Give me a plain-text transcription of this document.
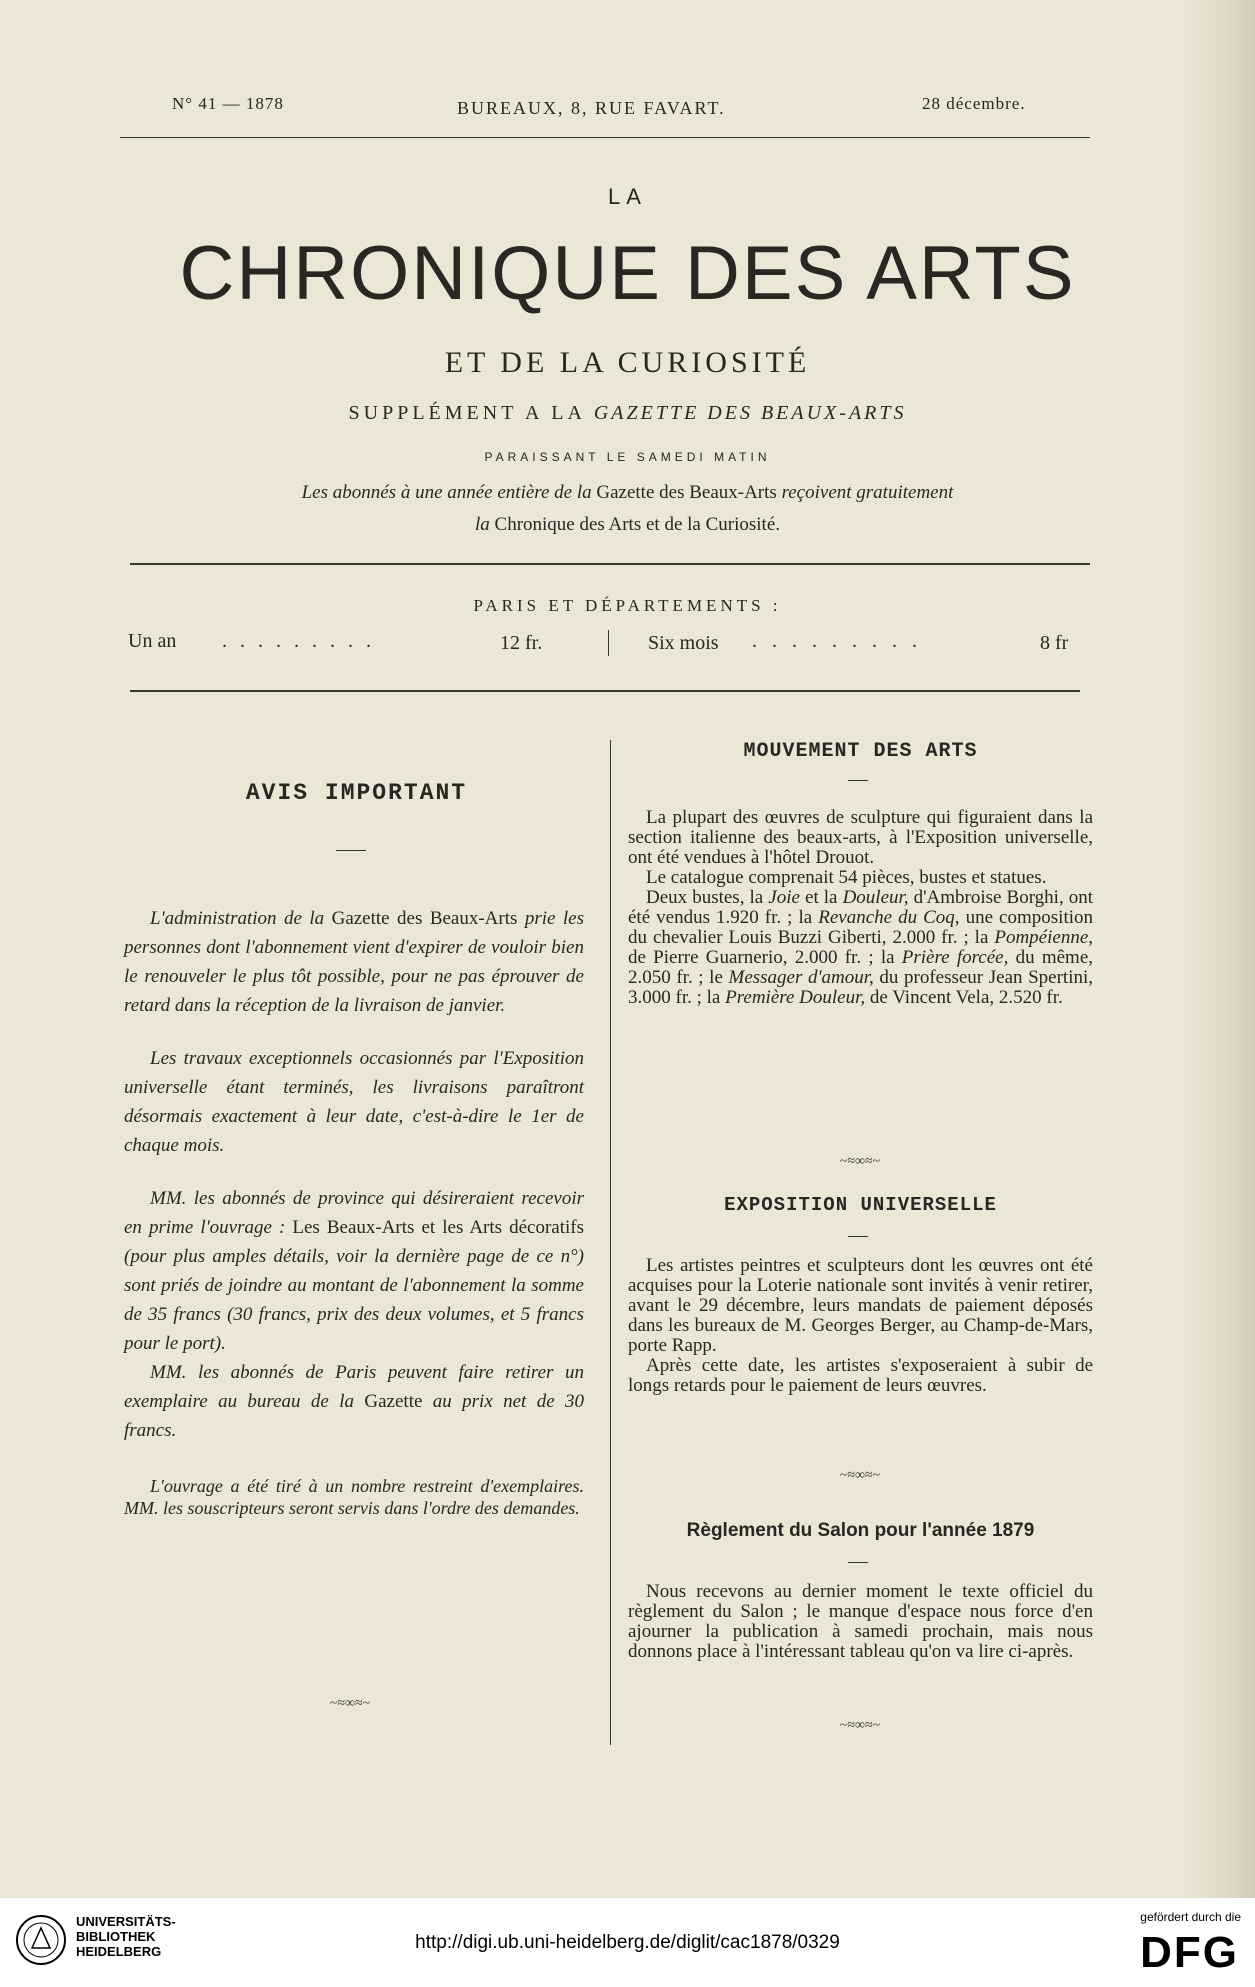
N° 41 — 1878	BUREAUX, 8, RUE FAVART.	28 décembre.
LA
CHRONIQUE DES ARTS
ET DE LA CURIOSITÉ
SUPPLÉMENT A LA GAZETTE DES BEAUX-ARTS
PARAISSANT LE SAMEDI MATIN
Les abonnés à une année entière de la Gazette des Beaux-Arts reçoivent gratuitement
la Chronique des Arts et de la Curiosité.
PARIS ET DÉPARTEMENTS :
Un an . . . . . . . . .	12 fr.	Six mois . . . . . . . . .	8 fr
AVIS IMPORTANT

L'administration de la Gazette des Beaux-Arts prie les personnes dont l'abonnement vient d'expirer de vouloir bien le renouveler le plus tôt possible, pour ne pas éprouver de retard dans la réception de la livraison de janvier.

Les travaux exceptionnels occasionnés par l'Exposition universelle étant terminés, les livraisons paraîtront désormais exactement à leur date, c'est-à-dire le 1er de chaque mois.

MM. les abonnés de province qui désireraient recevoir en prime l'ouvrage : Les Beaux-Arts et les Arts décoratifs (pour plus amples détails, voir la dernière page de ce n°) sont priés de joindre au montant de l'abonnement la somme de 35 francs (30 francs, prix des deux volumes, et 5 francs pour le port).

MM. les abonnés de Paris peuvent faire retirer un exemplaire au bureau de la Gazette au prix net de 30 francs.

L'ouvrage a été tiré à un nombre restreint d'exemplaires. MM. les souscripteurs seront servis dans l'ordre des demandes.

~≈∞≈~
MOUVEMENT DES ARTS

La plupart des œuvres de sculpture qui figuraient dans la section italienne des beaux-arts, à l'Exposition universelle, ont été vendues à l'hôtel Drouot.

Le catalogue comprenait 54 pièces, bustes et statues.

Deux bustes, la Joie et la Douleur, d'Ambroise Borghi, ont été vendus 1.920 fr. ; la Revanche du Coq, une composition du chevalier Louis Buzzi Giberti, 2.000 fr. ; la Pompéienne, de Pierre Guarnerio, 2.000 fr. ; la Prière forcée, du même, 2.050 fr. ; le Messager d'amour, du professeur Jean Spertini, 3.000 fr. ; la Première Douleur, de Vincent Vela, 2.520 fr.

~≈∞≈~
EXPOSITION UNIVERSELLE

Les artistes peintres et sculpteurs dont les œuvres ont été acquises pour la Loterie nationale sont invités à venir retirer, avant le 29 décembre, leurs mandats de paiement déposés dans les bureaux de M. Georges Berger, au Champ-de-Mars, porte Rapp.

Après cette date, les artistes s'exposeraient à subir de longs retards pour le paiement de leurs œuvres.

~≈∞≈~
Règlement du Salon pour l'année 1879

Nous recevons au dernier moment le texte officiel du règlement du Salon ; le manque d'espace nous force d'en ajourner la publication à samedi prochain, mais nous donnons place à l'intéressant tableau qu'on va lire ci-après.

~≈∞≈~
UNIVERSITÄTS-
BIBLIOTHEK
HEIDELBERG	http://digi.ub.uni-heidelberg.de/diglit/cac1878/0329
gefördert durch die
DFG
